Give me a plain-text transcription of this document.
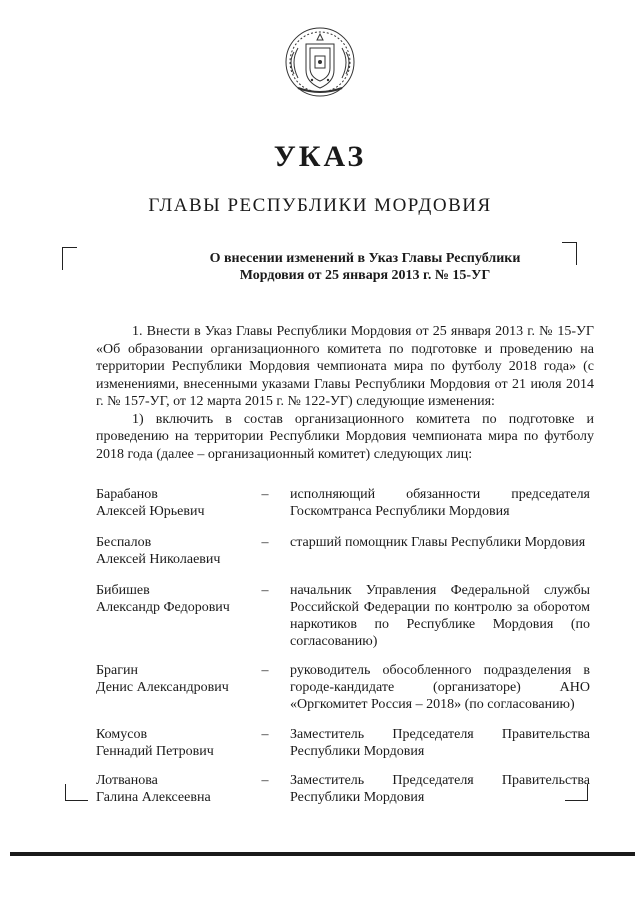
УКАЗ
ГЛАВЫ РЕСПУБЛИКИ МОРДОВИЯ
О внесении изменений в Указ Главы Республики
Мордовия от 25 января 2013 г. № 15-УГ

1. Внести в Указ Главы Республики Мордовия от 25 января 2013 г. № 15-УГ «Об образовании организационного комитета по подготовке и проведению на территории Республики Мордовия чемпионата мира по футболу 2018 года» (с изменениями, внесенными указами Главы Республики Мордовия от 21 июля 2014 г. № 157-УГ, от 12 марта 2015 г. № 122-УГ) следующие изменения:

1) включить в состав организационного комитета по подготовке и проведению на территории Республики Мордовия чемпионата мира по футболу 2018 года (далее – организационный комитет) следующих лиц:

Барабанов
Алексей Юрьевич
– исполняющий обязанности председателя Госкомтранса Республики Мордовия
Беспалов
Алексей Николаевич
– старший помощник Главы Республики Мордовия
Бибишев
Александр Федорович
– начальник Управления Федеральной службы Российской Федерации по контролю за оборотом наркотиков по Республике Мордовия (по согласованию)
Брагин
Денис Александрович
– руководитель обособленного подразделения в городе-кандидате (организаторе) АНО «Оргкомитет Россия – 2018» (по согласованию)
Комусов
Геннадий Петрович
– Заместитель Председателя Правительства Республики Мордовия
Лотванова
Галина Алексеевна
– Заместитель Председателя Правительства Республики Мордовия
